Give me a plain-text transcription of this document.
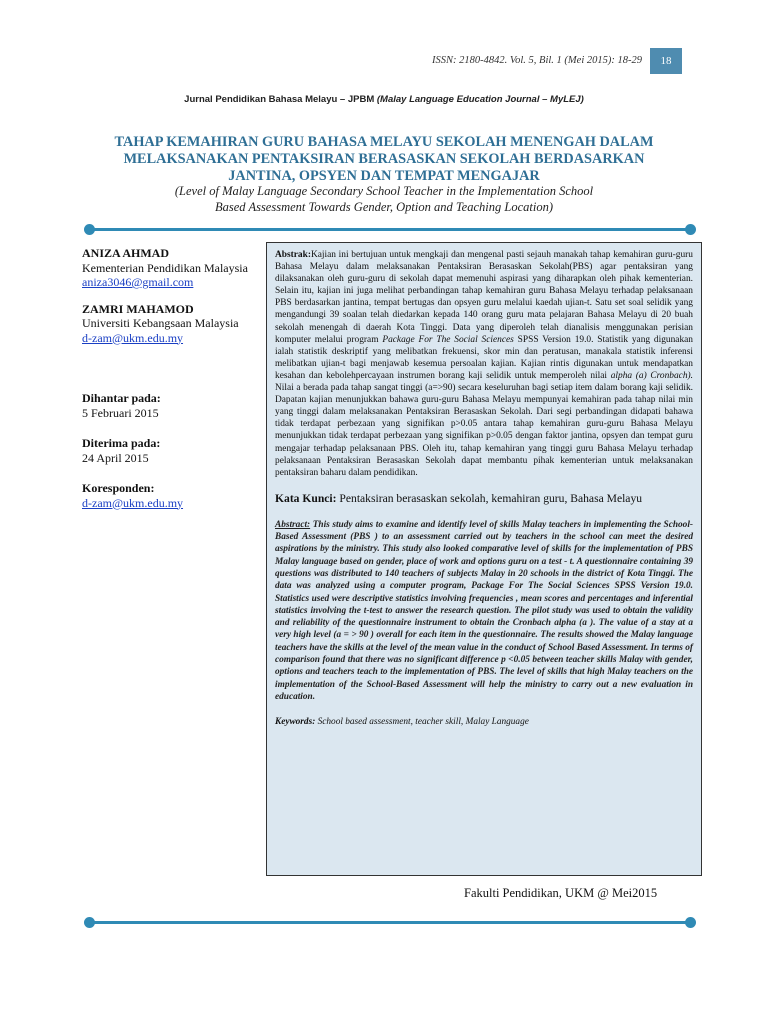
ISSN: 2180-4842. Vol. 5, Bil. 1 (Mei 2015): 18-29	18
Jurnal Pendidikan Bahasa Melayu – JPBM (Malay Language Education Journal – MyLEJ)
TAHAP KEMAHIRAN GURU BAHASA MELAYU SEKOLAH MENENGAH DALAM
MELAKSANAKAN PENTAKSIRAN BERASASKAN SEKOLAH BERDASARKAN
JANTINA, OPSYEN DAN TEMPAT MENGAJAR
(Level of Malay Language Secondary School Teacher in the Implementation School
Based Assessment Towards Gender, Option and Teaching Location)
ANIZA AHMAD
Kementerian Pendidikan Malaysia
aniza3046@gmail.com
ZAMRI MAHAMOD
Universiti Kebangsaan Malaysia
d-zam@ukm.edu.my
Dihantar pada:
5 Februari 2015
Diterima pada:
24 April 2015
Koresponden:
d-zam@ukm.edu.my

Abstrak:Kajian ini bertujuan untuk mengkaji dan mengenal pasti sejauh manakah tahap kemahiran guru-guru Bahasa Melayu dalam melaksanakan Pentaksiran Berasaskan Sekolah(PBS) agar pentaksiran yang dilaksanakan oleh guru-guru di sekolah dapat memenuhi aspirasi yang diharapkan oleh pihak kementerian. Selain itu, kajian ini juga melihat perbandingan tahap kemahiran guru Bahasa Melayu terhadap pelaksanaan PBS berdasarkan jantina, tempat bertugas dan opsyen guru melalui kaedah ujian-t. Satu set soal selidik yang mengandungi 39 soalan telah diedarkan kepada 140 orang guru mata pelajaran Bahasa Melayu di 20 buah sekolah menengah di daerah Kota Tinggi. Data yang diperoleh telah dianalisis menggunakan perisian komputer melalui program Package For The Social Sciences SPSS Version 19.0. Statistik yang digunakan ialah statistik deskriptif yang melibatkan frekuensi, skor min dan peratusan, manakala statistik inferensi melibatkan ujian-t bagi menjawab kesemua persoalan kajian. Kajian rintis digunakan untuk mendapatkan kesahan dan kebolehpercayaan instrumen borang kaji selidik untuk memperoleh nilai alpha (a) Cronbach). Nilai a berada pada tahap sangat tinggi (a=>90) secara keseluruhan bagi setiap item dalam borang kaji selidik. Dapatan kajian menunjukkan bahawa guru-guru Bahasa Melayu mempunyai kemahiran pada tahap nilai min yang tinggi dalam melaksanakan Pentaksiran Berasaskan Sekolah. Dari segi perbandingan didapati bahawa tidak terdapat perbezaan yang signifikan p>0.05 antara tahap kemahiran guru-guru Bahasa Melayu menunjukkan tidak terdapat perbezaan yang signifikan p>0.05 dengan faktor jantina, opsyen dan tempat guru mengajar terhadap pelaksanaan PBS. Oleh itu, tahap kemahiran yang tinggi guru Bahasa Melayu terhadap pelaksanaan Pentaksiran Berasaskan Sekolah dapat membantu pihak kementerian untuk melaksanakan pentaksiran baharu dalam pendidikan.

Kata Kunci: Pentaksiran berasaskan sekolah, kemahiran guru, Bahasa Melayu

Abstract: This study aims to examine and identify level of skills Malay teachers in implementing the School-Based Assessment (PBS ) to an assessment carried out by teachers in the school can meet the desired aspirations by the ministry. This study also looked comparative level of skills for the implementation of PBS Malay language based on gender, place of work and options guru on a test - t. A questionnaire containing 39 questions was distributed to 140 teachers of subjects Malay in 20 schools in the district of Kota Tinggi. The data was analyzed using a computer program, Package For The Social Sciences SPSS Version 19.0. Statistics used were descriptive statistics involving frequencies , mean scores and percentages and inferential statistics involving the t-test to answer the research question. The pilot study was used to obtain the validity and reliability of the questionnaire instrument to obtain the Cronbach alpha (a ). The value of a stay at a very high level (a = > 90 ) overall for each item in the questionnaire. The results showed the Malay language teachers have the skills at the level of the mean value in the conduct of School Based Assessment. In terms of comparison found that there was no significant difference p <0.05 between teacher skills Malay with gender, options and teachers teach to the implementation of PBS. The level of skills that high Malay teachers on the implementation of the School-Based Assessment will help the ministry to carry out a new evaluation in education.

Keywords: School based assessment, teacher skill, Malay Language

Fakulti Pendidikan, UKM @ Mei2015
